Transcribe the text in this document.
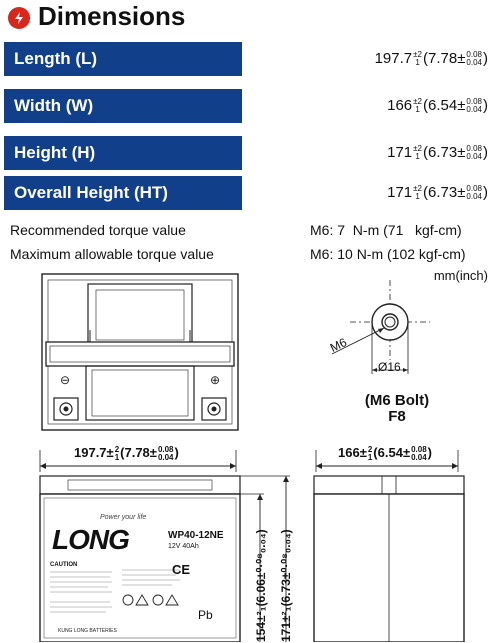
Dimensions
Length (L)	197.7 ±2
1 (7.78± 0.08
0.04 )
Width (W)	166 ±2
1 (6.54± 0.08
0.04 )
Height (H)	171 ±2
1 (6.73± 0.08
0.04 )
Overall Height (HT)	171 ±2
1 (6.73± 0.08
0.04 )
Recommended torque value	M6: 7  N-m (71   kgf-cm)
Maximum allowable torque value	M6: 10 N-m (102 kgf-cm)
mm(inch)
⊖	⊕
M6
Ø16
(M6 Bolt)
F8
197.7± 2
1 (7.78± 0.08
0.04 )	166± 2
1 (6.54± 0.08
0.04 )
Power your life
LONG	WP40-12NE
12V 40Ah
CAUTION	CE
Pb
KUNG LONG BATTERIES	154±²₁(6.06±⁰·⁰⁸₀.₀₄) 171±²₁(6.73±⁰·⁰⁸₀.₀₄)
